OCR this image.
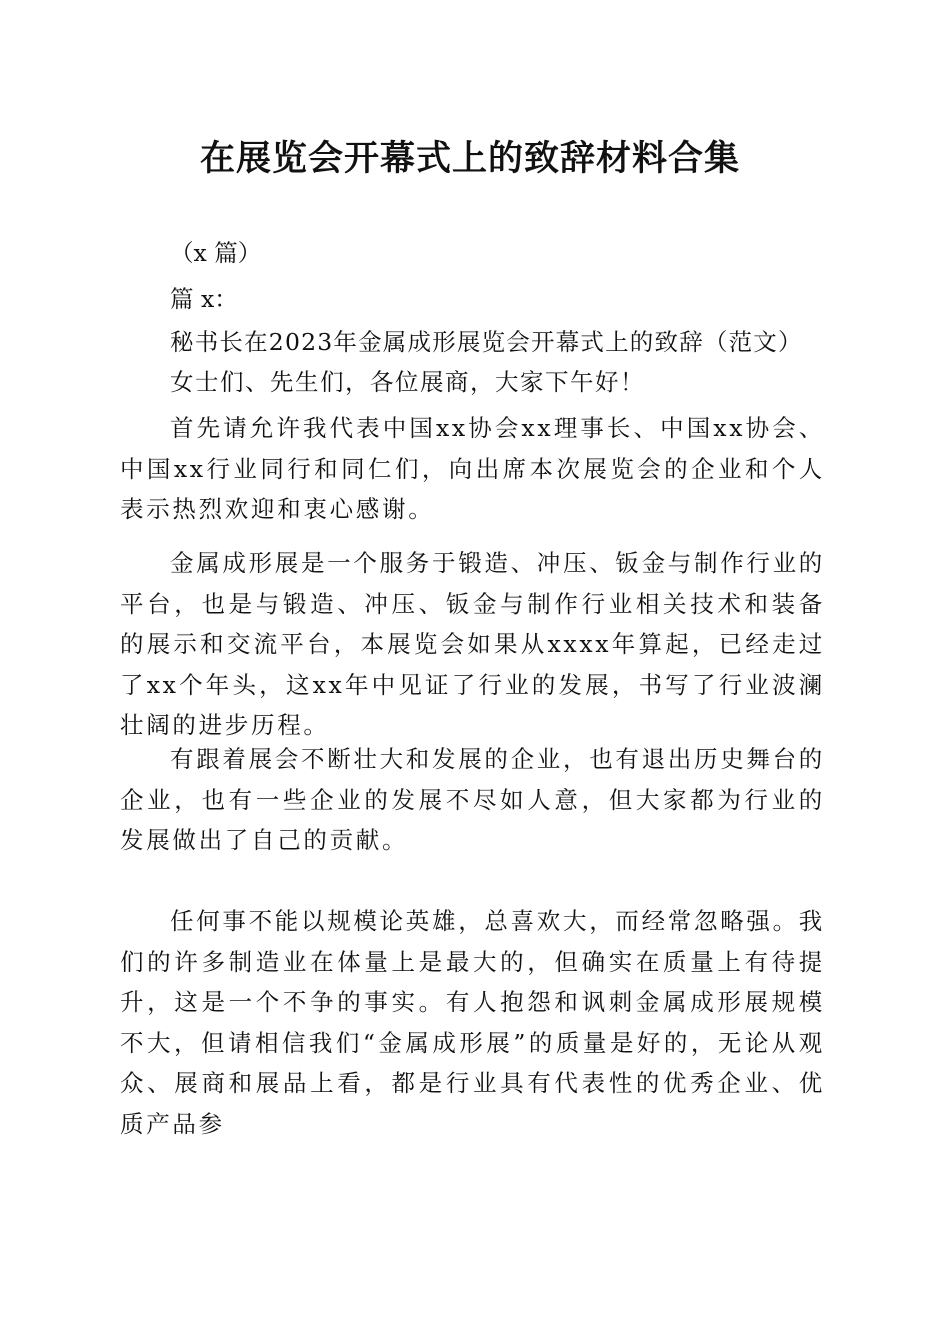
在展览会开幕式上的致辞材料合集

（x 篇）

篇 x：

秘书长在2023年金属成形展览会开幕式上的致辞（范文）

女士们、先生们，各位展商，大家下午好！

首先请允许我代表中国xx协会xx理事长、中国xx协会、中国xx行业同行和同仁们，向出席本次展览会的企业和个人表示热烈欢迎和衷心感谢。

金属成形展是一个服务于锻造、冲压、钣金与制作行业的平台，也是与锻造、冲压、钣金与制作行业相关技术和装备的展示和交流平台，本展览会如果从xxxx年算起，已经走过了xx个年头，这xx年中见证了行业的发展，书写了行业波澜壮阔的进步历程。

有跟着展会不断壮大和发展的企业，也有退出历史舞台的企业，也有一些企业的发展不尽如人意，但大家都为行业的发展做出了自己的贡献。

任何事不能以规模论英雄，总喜欢大，而经常忽略强。我们的许多制造业在体量上是最大的，但确实在质量上有待提升，这是一个不争的事实。有人抱怨和讽刺金属成形展规模不大，但请相信我们“金属成形展”的质量是好的，无论从观众、展商和展品上看，都是行业具有代表性的优秀企业、优质产品参
